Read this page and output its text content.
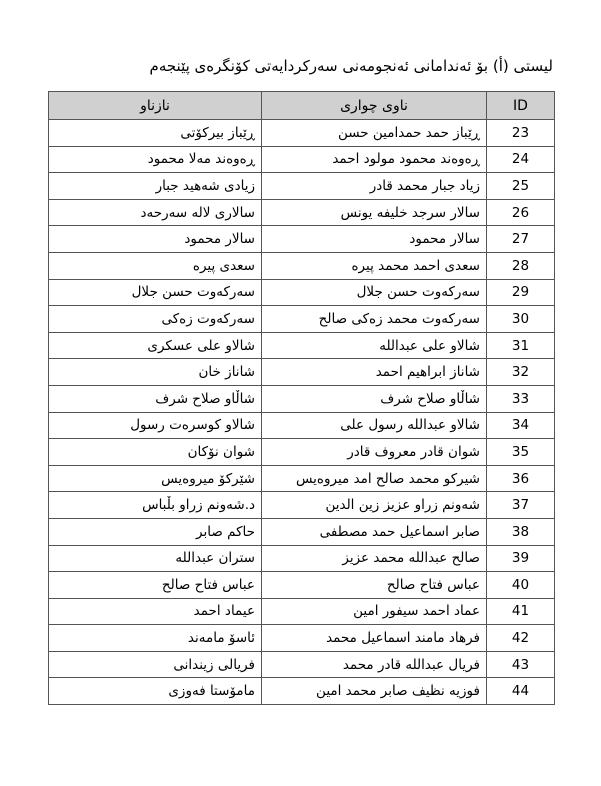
لیستی (أ) بۆ ئەندامانی ئەنجومەنی سەرکردایەتی کۆنگرەی پێنجەم
ID	ناوی چواری	نازناو
23	ڕێباز حمد حمدامین حسن	ڕێباز بیرکۆتی
24	ڕەوەند محمود مولود احمد	ڕەوەند مەلا محمود
25	زیاد جبار محمد قادر	زیادی شەهید جبار
26	سالار سرجد خلیفە یونس	سالاری لالە سەرحەد
27	سالار محمود	سالار محمود
28	سعدی احمد محمد پیرە	سعدی پیرە
29	سەرکەوت حسن جلال	سەرکەوت حسن جلال
30	سەرکەوت محمد زەکی صالح	سەرکەوت زەکی
31	شالاو علی عبداللە	شالاو علی عسکری
32	شاناز ابراهیم احمد	شاناز خان
33	شاڵاو صلاح شرف	شاڵاو صلاح شرف
34	شالاو عبداللە رسول علی	شالاو کوسرەت رسول
35	شوان قادر معروف قادر	شوان نۆکان
36	شیرکو محمد صالح امد میروەیس	شێرکۆ میروەیس
37	شەونم زراو عزیز زین الدین	د.شەونم زراو بڵباس
38	صابر اسماعیل حمد مصطفی	حاکم صابر
39	صالح عبداللە محمد عزیز	ستران عبداللە
40	عباس فتاح صالح	عباس فتاح صالح
41	عماد احمد سیفور امین	عیماد احمد
42	فرهاد مامند اسماعیل محمد	ئاسۆ مامەند
43	فریال عبداللە قادر محمد	فریالی زیندانی
44	فوزیە نظیف صابر محمد امین	مامۆستا فەوزی
